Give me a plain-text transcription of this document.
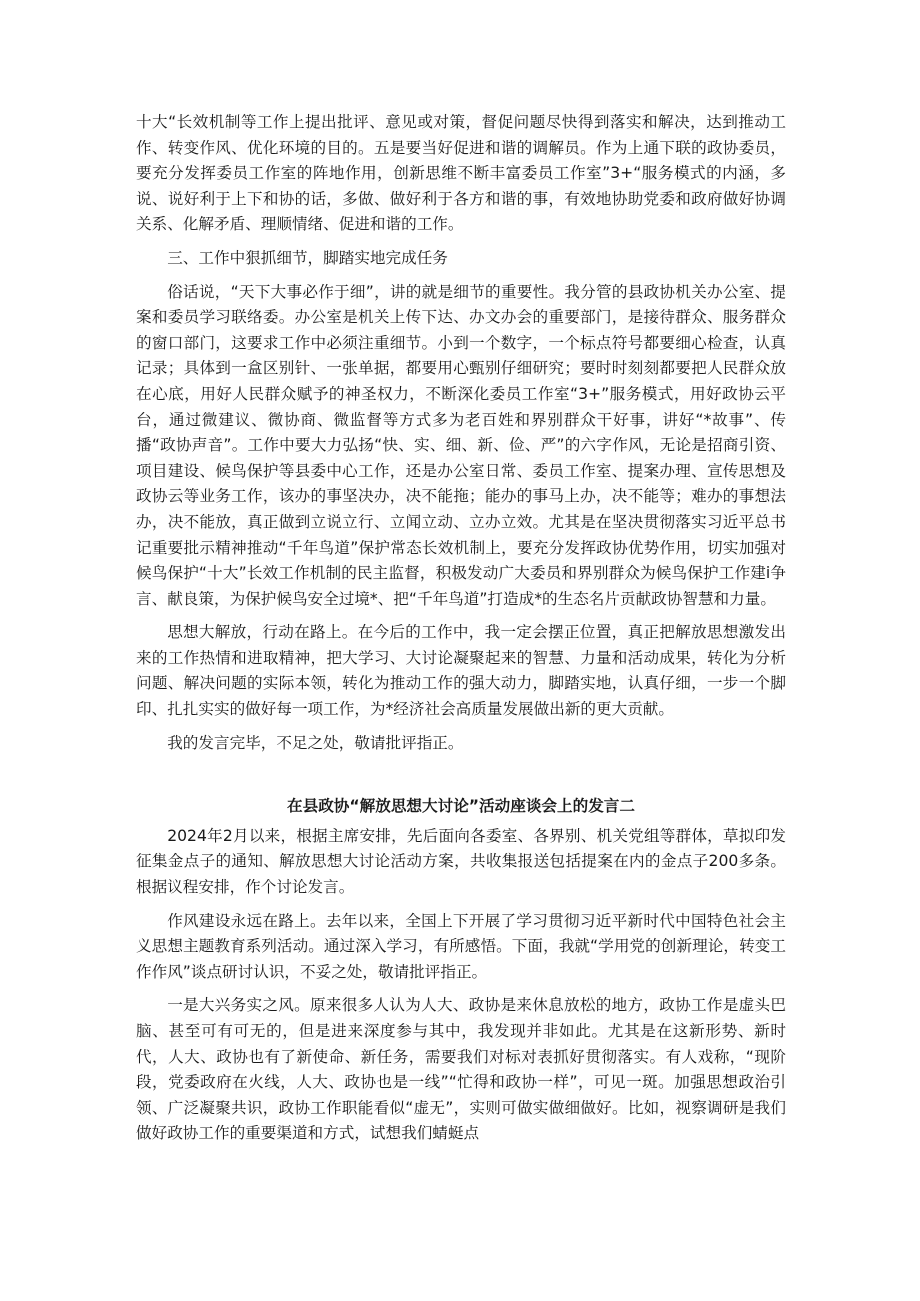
十大“长效机制等工作上提出批评、意见或对策，督促问题尽快得到落实和解决，达到推动工作、转变作风、优化环境的目的。五是要当好促进和谐的调解员。作为上通下联的政协委员，要充分发挥委员工作室的阵地作用，创新思维不断丰富委员工作室”3+“服务模式的内涵，多说、说好利于上下和协的话，多做、做好利于各方和谐的事，有效地协助党委和政府做好协调关系、化解矛盾、理顺情绪、促进和谐的工作。

三、工作中狠抓细节，脚踏实地完成任务

俗话说，“天下大事必作于细”，讲的就是细节的重要性。我分管的县政协机关办公室、提案和委员学习联络委。办公室是机关上传下达、办文办会的重要部门，是接待群众、服务群众的窗口部门，这要求工作中必须注重细节。小到一个数字，一个标点符号都要细心检查，认真记录；具体到一盒区别针、一张单据，都要用心甄别仔细研究；要时时刻刻都要把人民群众放在心底，用好人民群众赋予的神圣权力，不断深化委员工作室“3+”服务模式，用好政协云平台，通过微建议、微协商、微监督等方式多为老百姓和界别群众干好事，讲好“*故事”、传播“政协声音”。工作中要大力弘扬“快、实、细、新、俭、严”的六字作风，无论是招商引资、项目建设、候鸟保护等县委中心工作，还是办公室日常、委员工作室、提案办理、宣传思想及政协云等业务工作，该办的事坚决办，决不能拖；能办的事马上办，决不能等；难办的事想法办，决不能放，真正做到立说立行、立闻立动、立办立效。尤其是在坚决贯彻落实习近平总书记重要批示精神推动“千年鸟道”保护常态长效机制上，要充分发挥政协优势作用，切实加强对候鸟保护“十大”长效工作机制的民主监督，积极发动广大委员和界别群众为候鸟保护工作建i争言、献良策，为保护候鸟安全过境*、把“千年鸟道”打造成*的生态名片贡献政协智慧和力量。

思想大解放，行动在路上。在今后的工作中，我一定会摆正位置，真正把解放思想激发出来的工作热情和进取精神，把大学习、大讨论凝聚起来的智慧、力量和活动成果，转化为分析问题、解决问题的实际本领，转化为推动工作的强大动力，脚踏实地，认真仔细，一步一个脚印、扎扎实实的做好每一项工作，为*经济社会高质量发展做出新的更大贡献。

我的发言完毕，不足之处，敬请批评指正。

在县政协“解放思想大讨论”活动座谈会上的发言二

2024年2月以来，根据主席安排，先后面向各委室、各界别、机关党组等群体，草拟印发征集金点子的通知、解放思想大讨论活动方案，共收集报送包括提案在内的金点子200多条。根据议程安排，作个讨论发言。

作风建设永远在路上。去年以来，全国上下开展了学习贯彻习近平新时代中国特色社会主义思想主题教育系列活动。通过深入学习，有所感悟。下面，我就“学用党的创新理论，转变工作作风”谈点研讨认识，不妥之处，敬请批评指正。

一是大兴务实之风。原来很多人认为人大、政协是来休息放松的地方，政协工作是虚头巴脑、甚至可有可无的，但是进来深度参与其中，我发现并非如此。尤其是在这新形势、新时代，人大、政协也有了新使命、新任务，需要我们对标对表抓好贯彻落实。有人戏称，“现阶段，党委政府在火线，人大、政协也是一线”“忙得和政协一样”，可见一斑。加强思想政治引领、广泛凝聚共识，政协工作职能看似“虚无”，实则可做实做细做好。比如，视察调研是我们做好政协工作的重要渠道和方式，试想我们蜻蜓点
